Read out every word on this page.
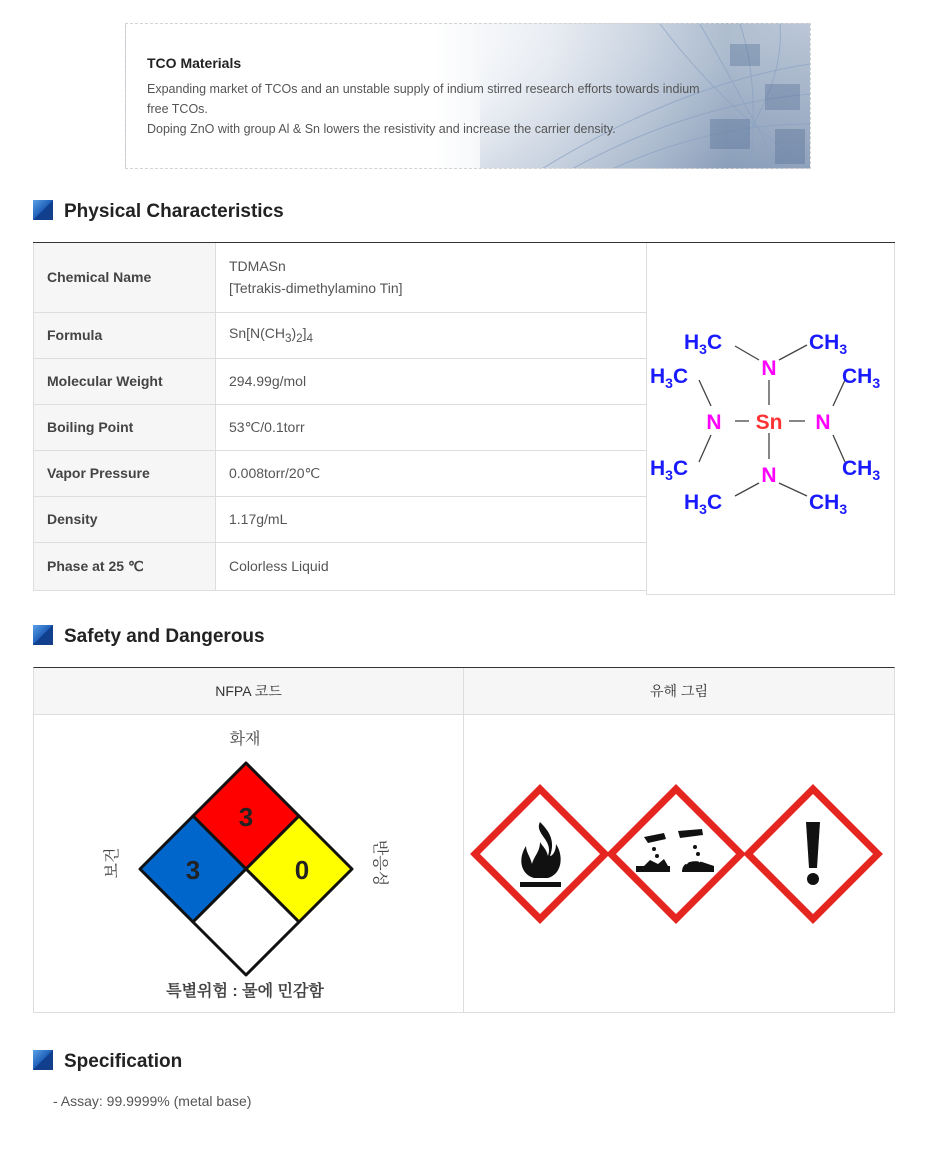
TCO Materials

Expanding market of TCOs and an unstable supply of indium stirred research efforts towards indium
free TCOs.
Doping ZnO with group Al & Sn lowers the resistivity and increase the carrier density.

Physical Characteristics
Chemical Name	TDMASn
[Tetrakis-dimethylamino Tin]
Formula	$Sn[N(CH_3)_2]_4$
Molecular Weight	294.99g/mol
Boiling Point	53℃/0.1torr
Vapor Pressure	0.008torr/20℃
Density	1.17g/mL
Phase at 25 ℃	Colorless Liquid
$H_3C$	$CH_3$
$H_3C$	$CH_3$
$H_3C$	$CH_3$
$H_3C$	$CH_3$
N
N	N
N
Sn
Safety and Dangerous
NFPA 코드	유해 그림
화재
보건	반응성
특별위험 : 물에 민감함
3
3	0
Specification
- Assay: 99.9999% (metal base)
